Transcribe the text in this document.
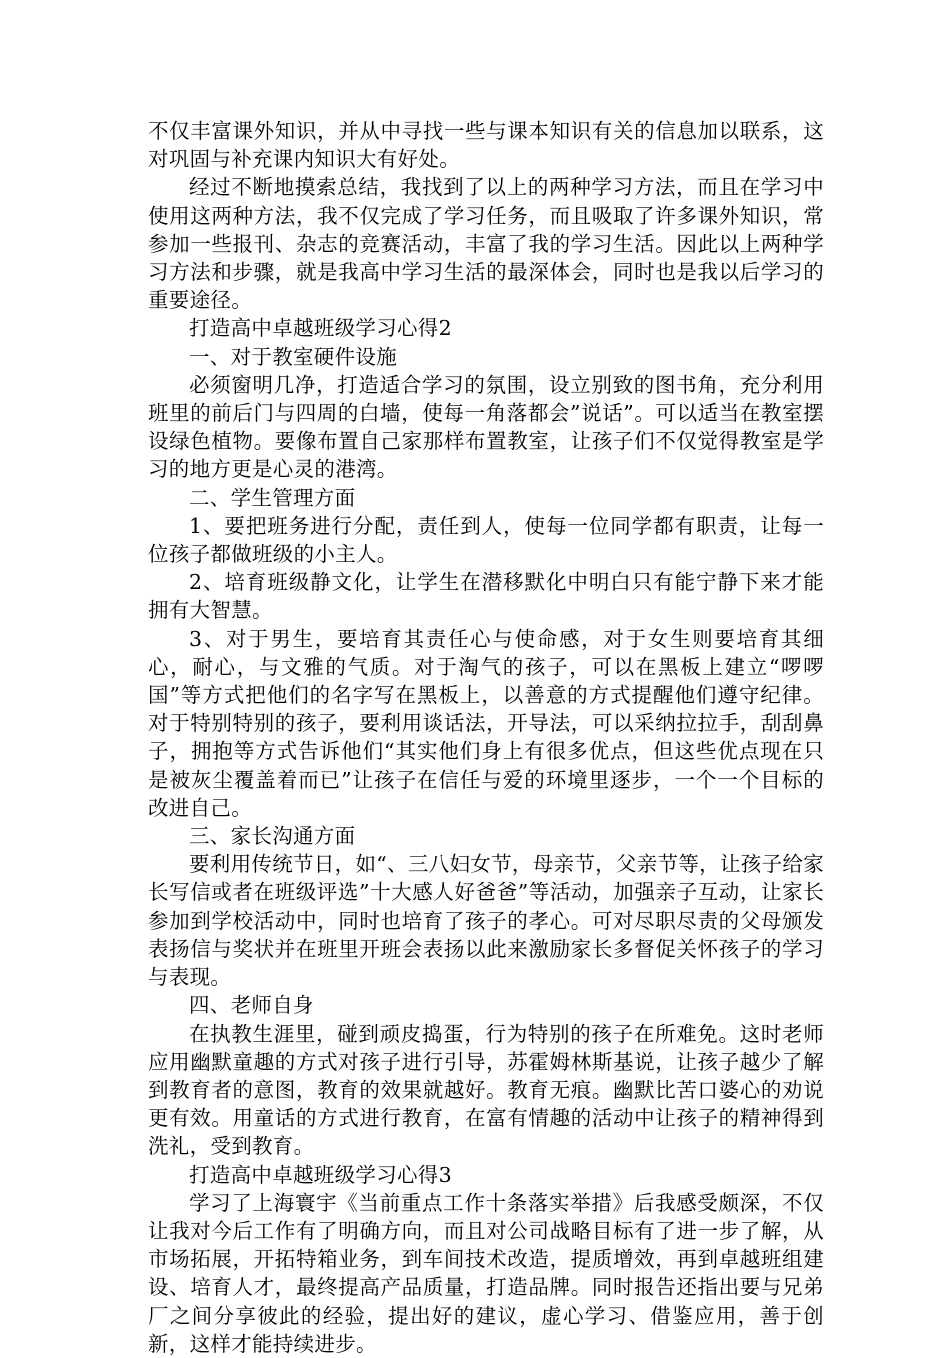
不仅丰富课外知识，并从中寻找一些与课本知识有关的信息加以联系，这对巩固与补充课内知识大有好处。

经过不断地摸索总结，我找到了以上的两种学习方法，而且在学习中使用这两种方法，我不仅完成了学习任务，而且吸取了许多课外知识，常参加一些报刊、杂志的竞赛活动，丰富了我的学习生活。因此以上两种学习方法和步骤，就是我高中学习生活的最深体会，同时也是我以后学习的重要途径。

打造高中卓越班级学习心得2

一、对于教室硬件设施

必须窗明几净，打造适合学习的氛围，设立别致的图书角，充分利用班里的前后门与四周的白墙，使每一角落都会”说话”。可以适当在教室摆设绿色植物。要像布置自己家那样布置教室，让孩子们不仅觉得教室是学习的地方更是心灵的港湾。

二、学生管理方面

1、要把班务进行分配，责任到人，使每一位同学都有职责，让每一位孩子都做班级的小主人。

2、培育班级静文化，让学生在潜移默化中明白只有能宁静下来才能拥有大智慧。

3、对于男生，要培育其责任心与使命感，对于女生则要培育其细心，耐心，与文雅的气质。对于淘气的孩子，可以在黑板上建立“啰啰国”等方式把他们的名字写在黑板上，以善意的方式提醒他们遵守纪律。对于特别特别的孩子，要利用谈话法，开导法，可以采纳拉拉手，刮刮鼻子，拥抱等方式告诉他们“其实他们身上有很多优点，但这些优点现在只是被灰尘覆盖着而已”让孩子在信任与爱的环境里逐步，一个一个目标的 改进自己。

三、家长沟通方面

要利用传统节日，如“、三八妇女节，母亲节，父亲节等，让孩子给家长写信或者在班级评选”十大感人好爸爸”等活动，加强亲子互动，让家长参加到学校活动中，同时也培育了孩子的孝心。可对尽职尽责的父母颁发表扬信与奖状并在班里开班会表扬以此来激励家长多督促关怀孩子的学习与表现。

四、老师自身

在执教生涯里，碰到顽皮捣蛋，行为特别的孩子在所难免。这时老师应用幽默童趣的方式对孩子进行引导，苏霍姆林斯基说，让孩子越少了解到教育者的意图，教育的效果就越好。教育无痕。幽默比苦口婆心的劝说更有效。用童话的方式进行教育，在富有情趣的活动中让孩子的精神得到洗礼，受到教育。

打造高中卓越班级学习心得3

学习了上海寰宇《当前重点工作十条落实举措》后我感受颇深，不仅让我对今后工作有了明确方向，而且对公司战略目标有了进一步了解，从市场拓展，开拓特箱业务，到车间技术改造，提质增效，再到卓越班组建设、培育人才，最终提高产品质量，打造品牌。同时报告还指出要与兄弟厂之间分享彼此的经验，提出好的建议，虚心学习、借鉴应用，善于创新，这样才能持续进步。
